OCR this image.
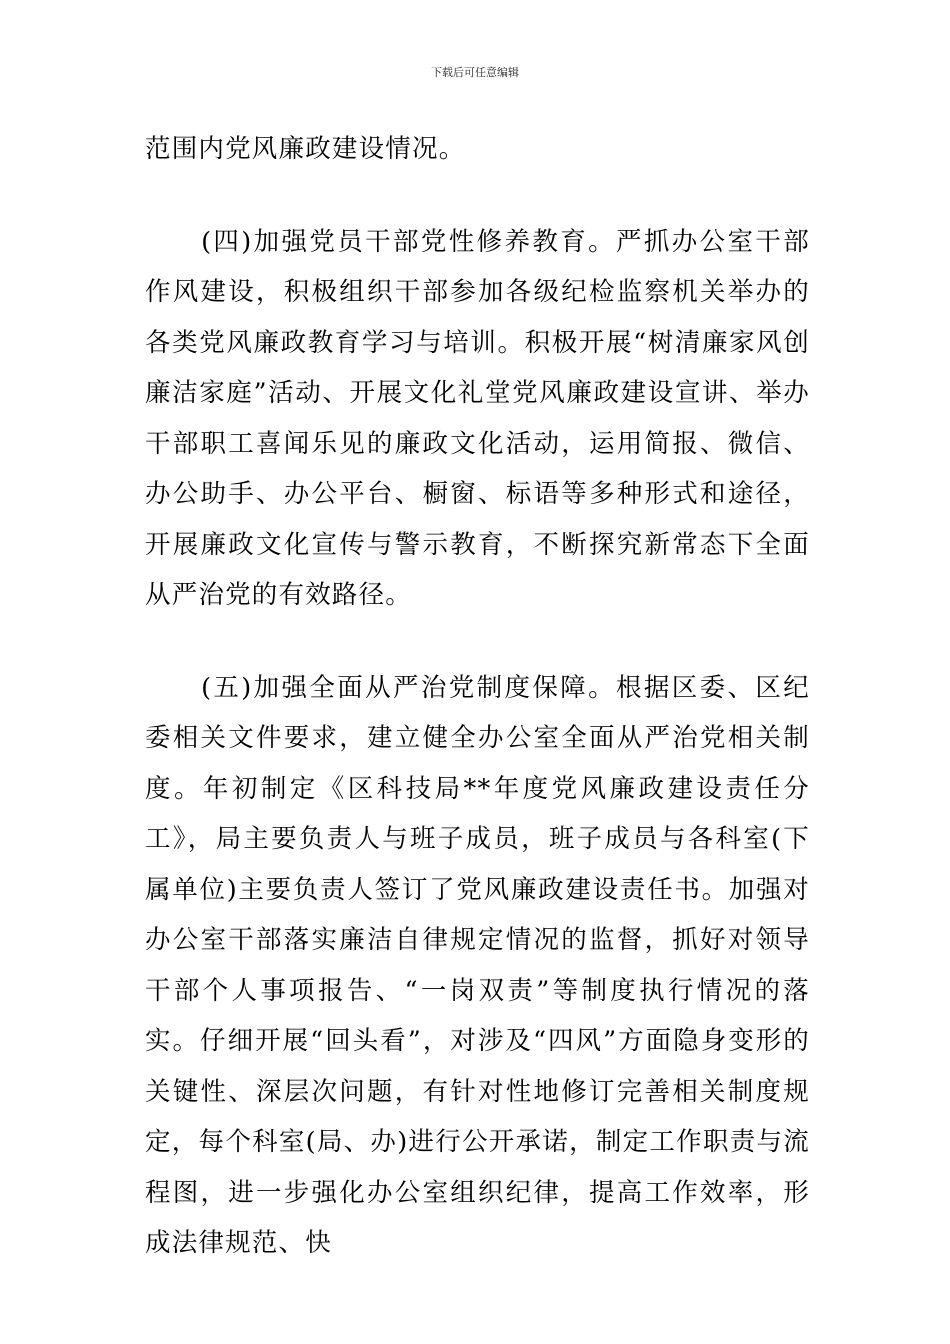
下载后可任意编辑

范围内党风廉政建设情况。

(四)加强党员干部党性修养教育。严抓办公室干部作风建设，积极组织干部参加各级纪检监察机关举办的各类党风廉政教育学习与培训。积极开展“树清廉家风创廉洁家庭”活动、开展文化礼堂党风廉政建设宣讲、举办干部职工喜闻乐见的廉政文化活动，运用简报、微信、办公助手、办公平台、橱窗、标语等多种形式和途径，开展廉政文化宣传与警示教育，不断探究新常态下全面从严治党的有效路径。

(五)加强全面从严治党制度保障。根据区委、区纪委相关文件要求，建立健全办公室全面从严治党相关制度。年初制定《区科技局**年度党风廉政建设责任分工》，局主要负责人与班子成员，班子成员与各科室(下属单位)主要负责人签订了党风廉政建设责任书。加强对办公室干部落实廉洁自律规定情况的监督，抓好对领导干部个人事项报告、“一岗双责”等制度执行情况的落实。仔细开展“回头看”，对涉及“四风”方面隐身变形的关键性、深层次问题，有针对性地修订完善相关制度规定，每个科室(局、办)进行公开承诺，制定工作职责与流程图，进一步强化办公室组织纪律，提高工作效率，形成法律规范、快
